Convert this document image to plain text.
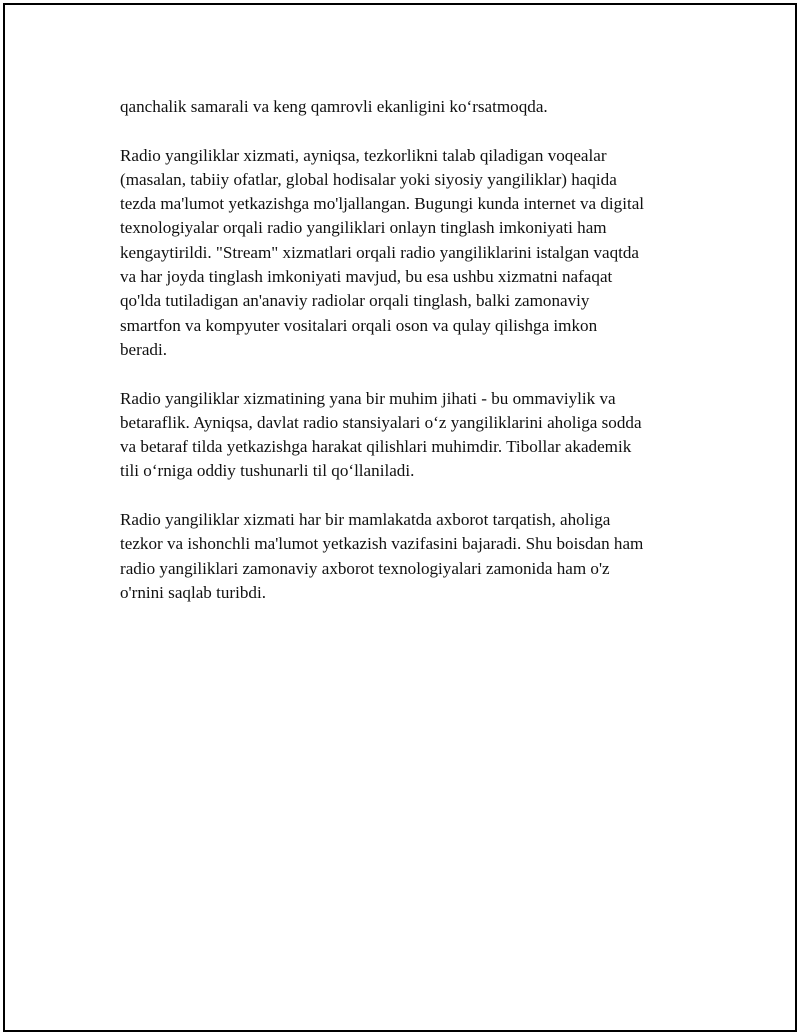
qanchalik samarali va keng qamrovli ekanligini ko‘rsatmoqda.

Radio yangiliklar xizmati, ayniqsa, tezkorlikni talab qiladigan voqealar
(masalan, tabiiy ofatlar, global hodisalar yoki siyosiy yangiliklar) haqida
tezda ma'lumot yetkazishga mo'ljallangan. Bugungi kunda internet va digital
texnologiyalar orqali radio yangiliklari onlayn tinglash imkoniyati ham
kengaytirildi. "Stream" xizmatlari orqali radio yangiliklarini istalgan vaqtda
va har joyda tinglash imkoniyati mavjud, bu esa ushbu xizmatni nafaqat
qo'lda tutiladigan an'anaviy radiolar orqali tinglash, balki zamonaviy
smartfon va kompyuter vositalari orqali oson va qulay qilishga imkon
beradi.

Radio yangiliklar xizmatining yana bir muhim jihati - bu ommaviylik va
betaraflik. Ayniqsa, davlat radio stansiyalari o‘z yangiliklarini aholiga sodda
va betaraf tilda yetkazishga harakat qilishlari muhimdir. Tibollar akademik
tili o‘rniga oddiy tushunarli til qo‘llaniladi.

Radio yangiliklar xizmati har bir mamlakatda axborot tarqatish, aholiga
tezkor va ishonchli ma'lumot yetkazish vazifasini bajaradi. Shu boisdan ham
radio yangiliklari zamonaviy axborot texnologiyalari zamonida ham o'z
o'rnini saqlab turibdi.
